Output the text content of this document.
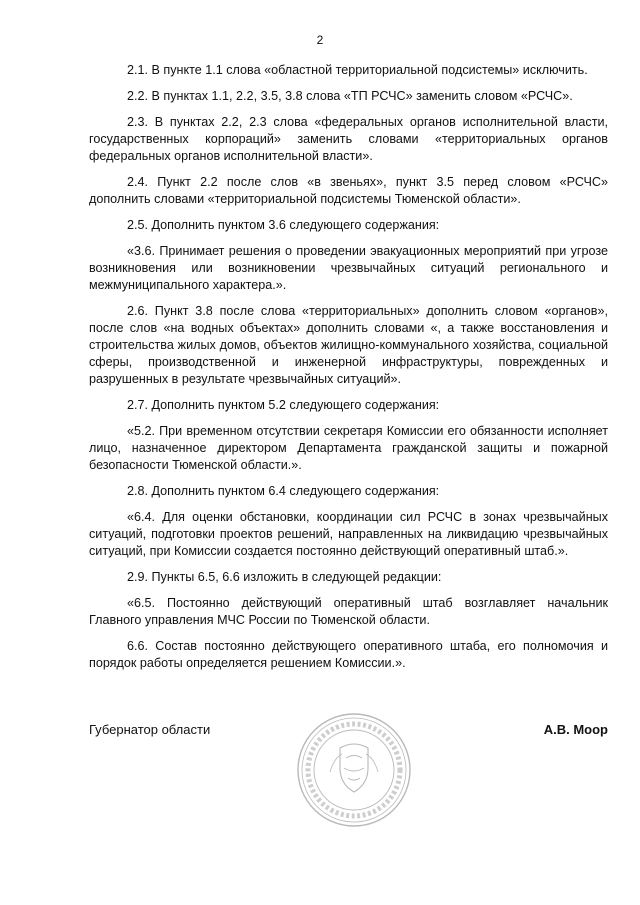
2

2.1. В пункте 1.1 слова «областной территориальной подсистемы» исключить.

2.2. В пунктах 1.1, 2.2, 3.5, 3.8 слова «ТП РСЧС» заменить словом «РСЧС».

2.3. В пунктах 2.2, 2.3 слова «федеральных органов исполнительной власти, государственных корпораций» заменить словами «территориальных органов федеральных органов исполнительной власти».

2.4. Пункт 2.2 после слов «в звеньях», пункт 3.5 перед словом «РСЧС» дополнить словами «территориальной подсистемы Тюменской области».

2.5. Дополнить пунктом 3.6 следующего содержания:

«3.6. Принимает решения о проведении эвакуационных мероприятий при угрозе возникновения или возникновении чрезвычайных ситуаций регионального и межмуниципального характера.».

2.6. Пункт 3.8 после слова «территориальных» дополнить словом «органов», после слов «на водных объектах» дополнить словами «, а также восстановления и строительства жилых домов, объектов жилищно-коммунального хозяйства, социальной сферы, производственной и инженерной инфраструктуры, поврежденных и разрушенных в результате чрезвычайных ситуаций».

2.7. Дополнить пунктом 5.2 следующего содержания:

«5.2. При временном отсутствии секретаря Комиссии его обязанности исполняет лицо, назначенное директором Департамента гражданской защиты и пожарной безопасности Тюменской области.».

2.8. Дополнить пунктом 6.4 следующего содержания:

«6.4. Для оценки обстановки, координации сил РСЧС в зонах чрезвычайных ситуаций, подготовки проектов решений, направленных на ликвидацию чрезвычайных ситуаций, при Комиссии создается постоянно действующий оперативный штаб.».

2.9. Пункты 6.5, 6.6 изложить в следующей редакции:

«6.5. Постоянно действующий оперативный штаб возглавляет начальник Главного управления МЧС России по Тюменской области.

6.6. Состав постоянно действующего оперативного штаба, его полномочия и порядок работы определяется решением Комиссии.».

Губернатор области	А.В. Моор
